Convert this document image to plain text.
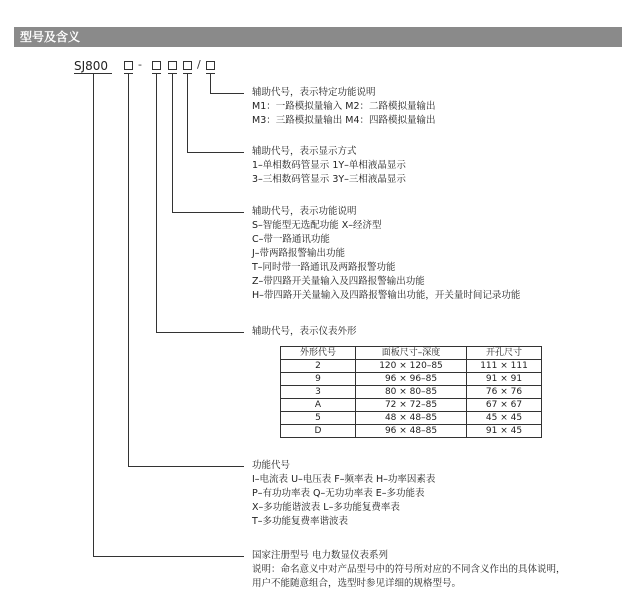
型号及含义
SJ800	-	/
辅助代号，表示特定功能说明
M1：一路模拟量输入 M2：二路模拟量输出
M3：三路模拟量输出 M4：四路模拟量输出
辅助代号，表示显示方式
1–单相数码管显示 1Y–单相液晶显示
3–三相数码管显示 3Y–三相液晶显示
辅助代号，表示功能说明
S–智能型无选配功能 X–经济型
C–带一路通讯功能
J–带两路报警输出功能
T–同时带一路通讯及两路报警功能
Z–带四路开关量输入及四路报警输出功能
H–带四路开关量输入及四路报警输出功能，开关量时间记录功能
辅助代号，表示仪表外形
外形代号	面板尺寸–深度	开孔尺寸
2	120 × 120–85	111 × 111
9	96 × 96–85	91 × 91
3	80 × 80–85	76 × 76
A	72 × 72–85	67 × 67
5	48 × 48–85	45 × 45
D	96 × 48–85	91 × 45
功能代号
I–电流表 U–电压表 F–频率表 H–功率因素表
P–有功功率表 Q–无功功率表 E–多功能表
X–多功能谐波表 L–多功能复费率表
T–多功能复费率谐波表
国家注册型号 电力数显仪表系列
说明：命名意义中对产品型号中的符号所对应的不同含义作出的具体说明，
用户不能随意组合，选型时参见详细的规格型号。
